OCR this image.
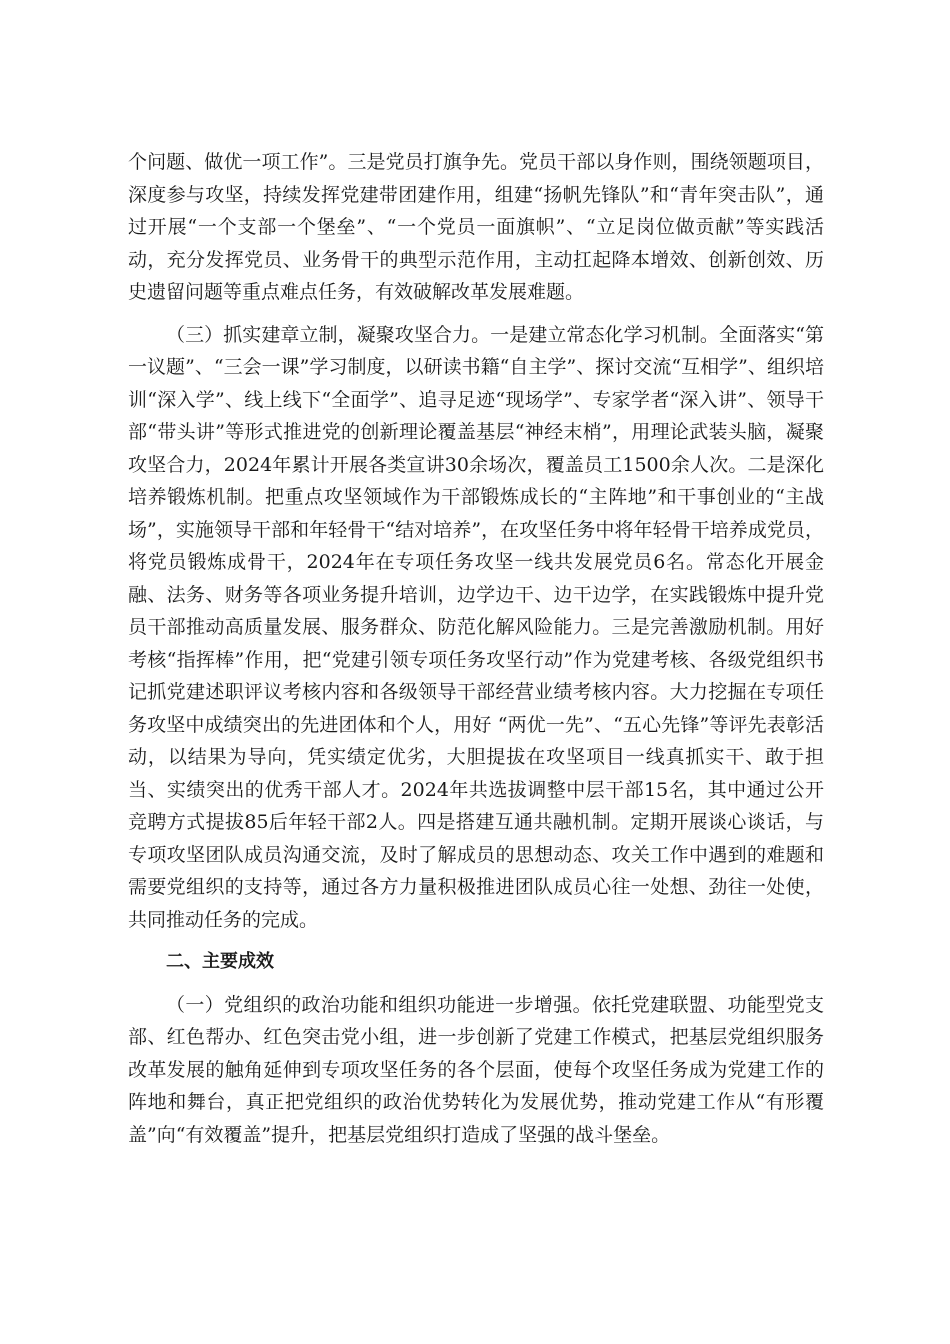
个问题、做优一项工作”。三是党员打旗争先。党员干部以身作则，围绕领题项目，深度参与攻坚，持续发挥党建带团建作用，组建“扬帆先锋队”和“青年突击队”，通过开展“一个支部一个堡垒”、“一个党员一面旗帜”、“立足岗位做贡献”等实践活动，充分发挥党员、业务骨干的典型示范作用，主动扛起降本增效、创新创效、历史遗留问题等重点难点任务，有效破解改革发展难题。

（三）抓实建章立制，凝聚攻坚合力。一是建立常态化学习机制。全面落实“第一议题”、“三会一课”学习制度，以研读书籍“自主学”、探讨交流“互相学”、组织培训“深入学”、线上线下“全面学”、追寻足迹“现场学”、专家学者“深入讲”、领导干部“带头讲”等形式推进党的创新理论覆盖基层“神经末梢”，用理论武装头脑，凝聚攻坚合力，2024年累计开展各类宣讲30余场次，覆盖员工1500余人次。二是深化培养锻炼机制。把重点攻坚领域作为干部锻炼成长的“主阵地”和干事创业的“主战场”，实施领导干部和年轻骨干“结对培养”，在攻坚任务中将年轻骨干培养成党员，将党员锻炼成骨干，2024年在专项任务攻坚一线共发展党员6名。常态化开展金融、法务、财务等各项业务提升培训，边学边干、边干边学，在实践锻炼中提升党员干部推动高质量发展、服务群众、防范化解风险能力。三是完善激励机制。用好考核“指挥棒”作用，把“党建引领专项任务攻坚行动”作为党建考核、各级党组织书记抓党建述职评议考核内容和各级领导干部经营业绩考核内容。大力挖掘在专项任务攻坚中成绩突出的先进团体和个人，用好 “两优一先”、“五心先锋”等评先表彰活动，以结果为导向，凭实绩定优劣，大胆提拔在攻坚项目一线真抓实干、敢于担当、实绩突出的优秀干部人才。2024年共选拔调整中层干部15名，其中通过公开竞聘方式提拔85后年轻干部2人。四是搭建互通共融机制。定期开展谈心谈话，与专项攻坚团队成员沟通交流，及时了解成员的思想动态、攻关工作中遇到的难题和需要党组织的支持等，通过各方力量积极推进团队成员心往一处想、劲往一处使，共同推动任务的完成。

二、主要成效

（一）党组织的政治功能和组织功能进一步增强。依托党建联盟、功能型党支部、红色帮办、红色突击党小组，进一步创新了党建工作模式，把基层党组织服务改革发展的触角延伸到专项攻坚任务的各个层面，使每个攻坚任务成为党建工作的阵地和舞台，真正把党组织的政治优势转化为发展优势，推动党建工作从“有形覆盖”向“有效覆盖”提升，把基层党组织打造成了坚强的战斗堡垒。
